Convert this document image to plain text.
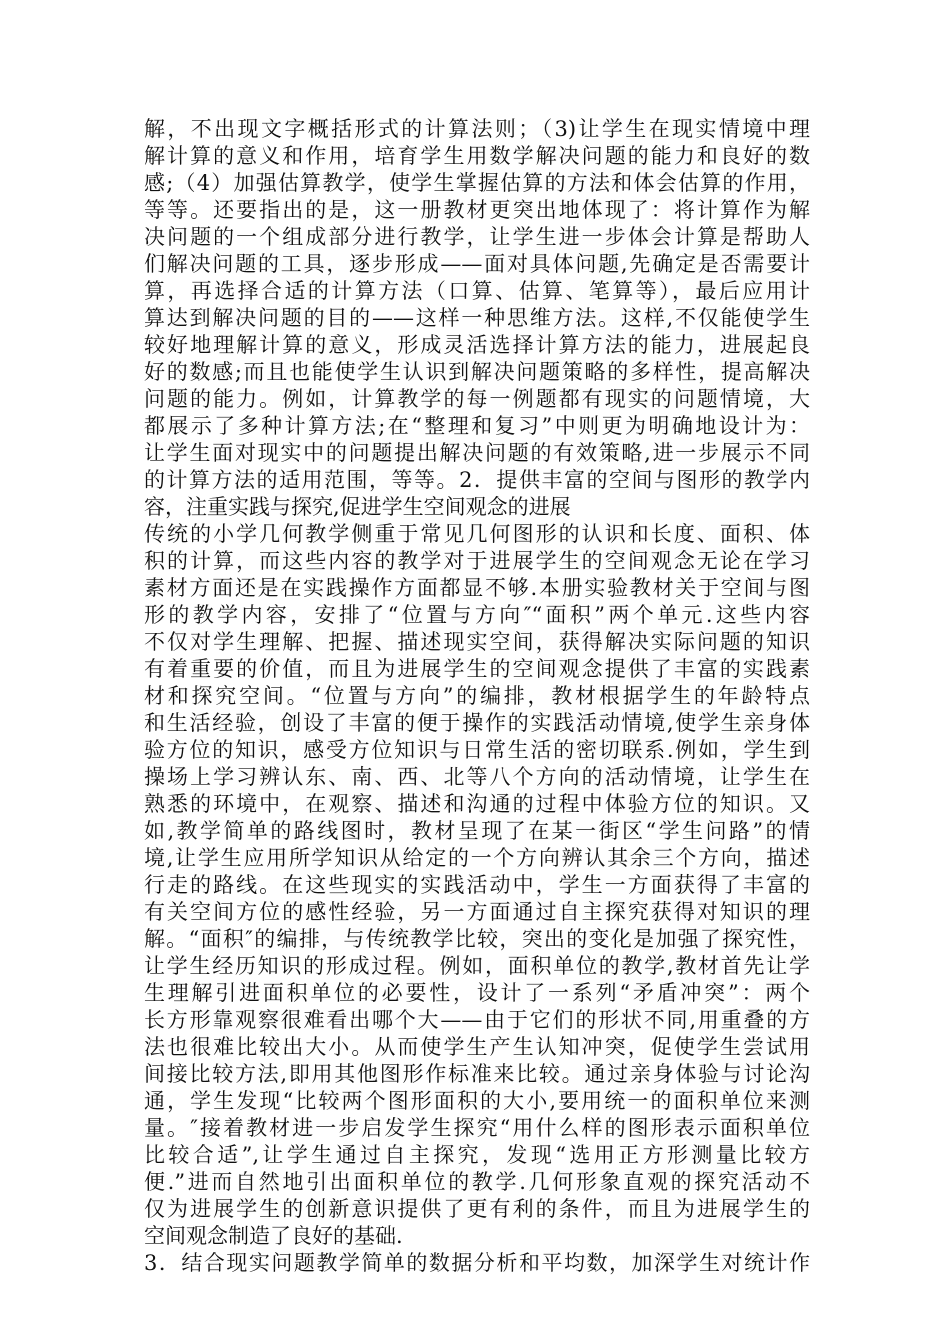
解，不出现文字概括形式的计算法则；（3)让学生在现实情境中理
解计算的意义和作用，培育学生用数学解决问题的能力和良好的数
感;（4）加强估算教学，使学生掌握估算的方法和体会估算的作用，
等等。还要指出的是，这一册教材更突出地体现了：将计算作为解
决问题的一个组成部分进行教学，让学生进一步体会计算是帮助人
们解决问题的工具，逐步形成——面对具体问题,先确定是否需要计
算，再选择合适的计算方法（口算、估算、笔算等），最后应用计
算达到解决问题的目的——这样一种思维方法。这样,不仅能使学生
较好地理解计算的意义，形成灵活选择计算方法的能力，进展起良
好的数感;而且也能使学生认识到解决问题策略的多样性，提高解决
问题的能力。例如，计算教学的每一例题都有现实的问题情境，大
都展示了多种计算方法;在“整理和复习”中则更为明确地设计为：
让学生面对现实中的问题提出解决问题的有效策略,进一步展示不同
的计算方法的适用范围，等等。2．提供丰富的空间与图形的教学内
容，注重实践与探究,促进学生空间观念的进展
传统的小学几何教学侧重于常见几何图形的认识和长度、面积、体
积的计算，而这些内容的教学对于进展学生的空间观念无论在学习
素材方面还是在实践操作方面都显不够.本册实验教材关于空间与图
形的教学内容，安排了“位置与方向″“面积”两个单元.这些内容
不仅对学生理解、把握、描述现实空间，获得解决实际问题的知识
有着重要的价值，而且为进展学生的空间观念提供了丰富的实践素
材和探究空间。“位置与方向”的编排，教材根据学生的年龄特点
和生活经验，创设了丰富的便于操作的实践活动情境,使学生亲身体
验方位的知识，感受方位知识与日常生活的密切联系.例如，学生到
操场上学习辨认东、南、西、北等八个方向的活动情境，让学生在
熟悉的环境中，在观察、描述和沟通的过程中体验方位的知识。又
如,教学简单的路线图时，教材呈现了在某一街区“学生问路”的情
境,让学生应用所学知识从给定的一个方向辨认其余三个方向，描述
行走的路线。在这些现实的实践活动中，学生一方面获得了丰富的
有关空间方位的感性经验，另一方面通过自主探究获得对知识的理
解。“面积″的编排，与传统教学比较，突出的变化是加强了探究性，
让学生经历知识的形成过程。例如，面积单位的教学,教材首先让学
生理解引进面积单位的必要性，设计了一系列“矛盾冲突”：两个
长方形靠观察很难看出哪个大——由于它们的形状不同,用重叠的方
法也很难比较出大小。从而使学生产生认知冲突，促使学生尝试用
间接比较方法,即用其他图形作标准来比较。通过亲身体验与讨论沟
通，学生发现“比较两个图形面积的大小,要用统一的面积单位来测
量。″接着教材进一步启发学生探究“用什么样的图形表示面积单位
比较合适”,让学生通过自主探究，发现“选用正方形测量比较方
便.”进而自然地引出面积单位的教学.几何形象直观的探究活动不
仅为进展学生的创新意识提供了更有利的条件，而且为进展学生的
空间观念制造了良好的基础.
3．结合现实问题教学简单的数据分析和平均数，加深学生对统计作
